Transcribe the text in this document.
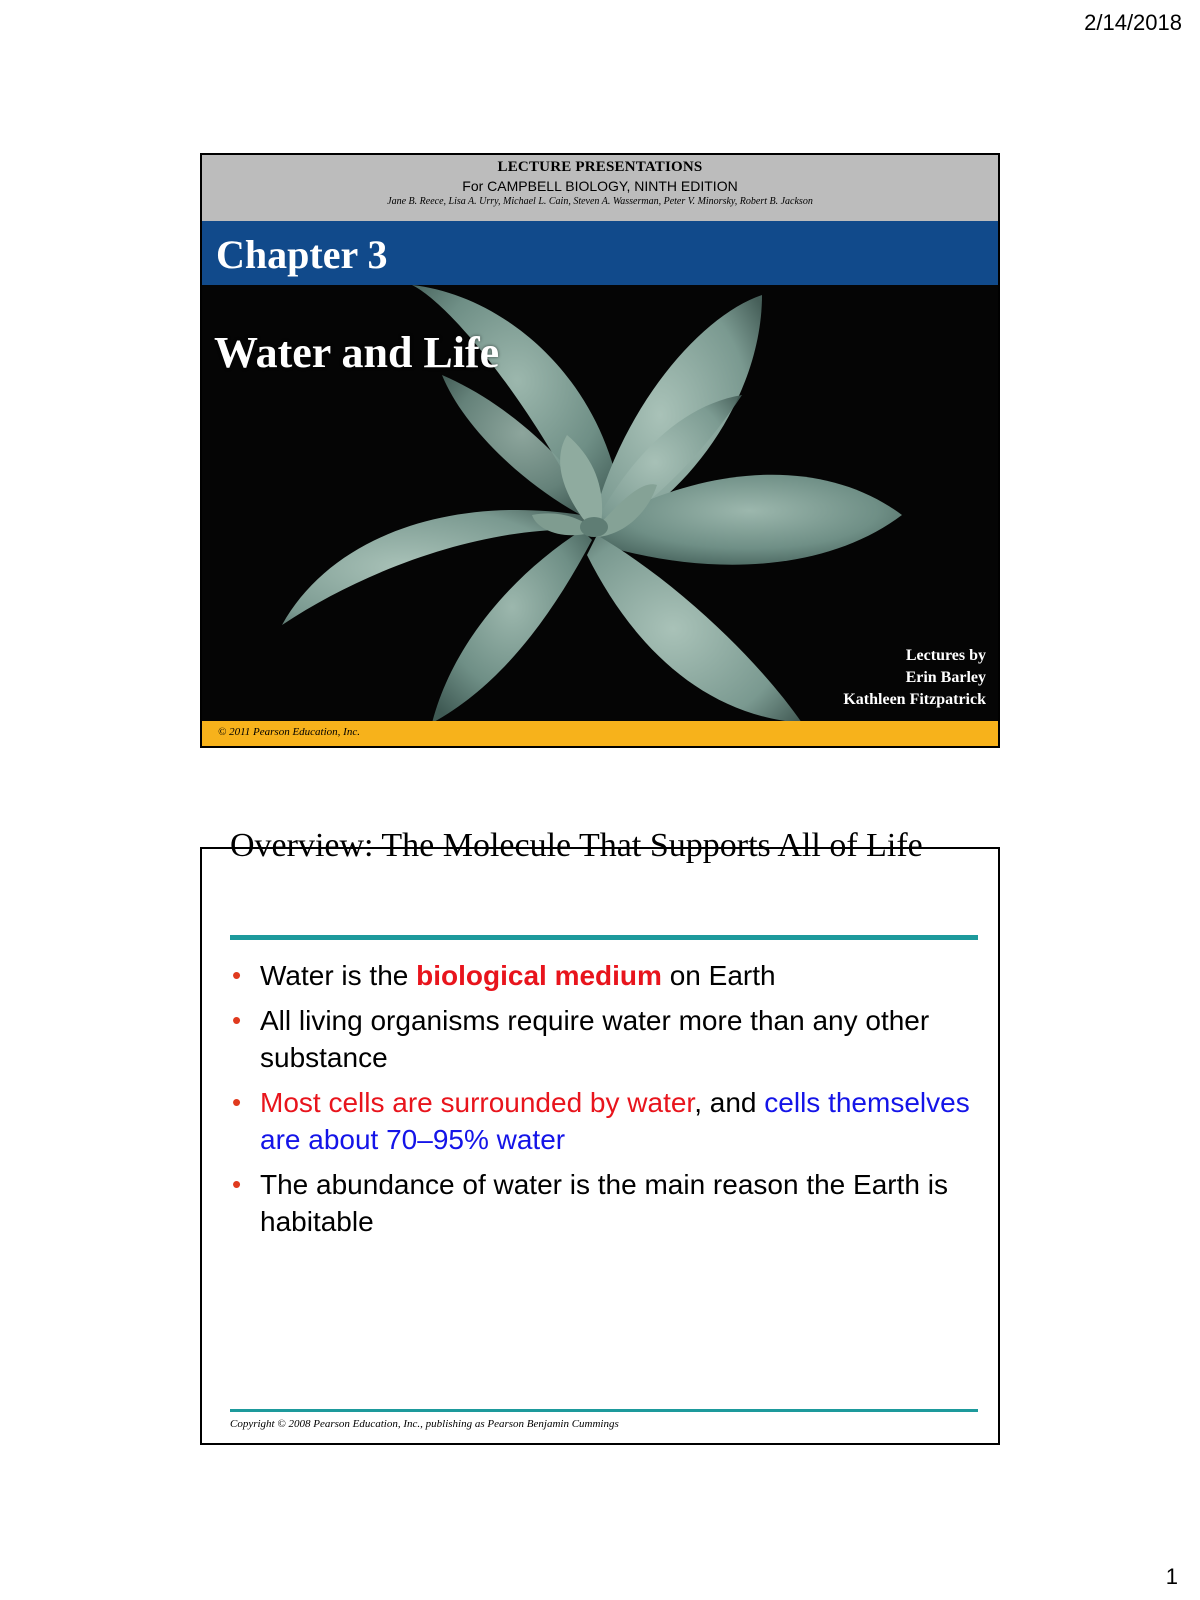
2/14/2018
LECTURE PRESENTATIONS
For CAMPBELL BIOLOGY, NINTH EDITION
Jane B. Reece, Lisa A. Urry, Michael L. Cain, Steven A. Wasserman, Peter V. Minorsky, Robert B. Jackson
Chapter 3
Water and Life
Lectures by
Erin Barley
Kathleen Fitzpatrick
© 2011 Pearson Education, Inc.
Overview: The Molecule That Supports All of Life
• Water is the biological medium on Earth
• All living organisms require water more than any other substance
• Most cells are surrounded by water, and cells themselves are about 70–95% water
• The abundance of water is the main reason the Earth is habitable
Copyright © 2008 Pearson Education, Inc., publishing as Pearson Benjamin Cummings
1
